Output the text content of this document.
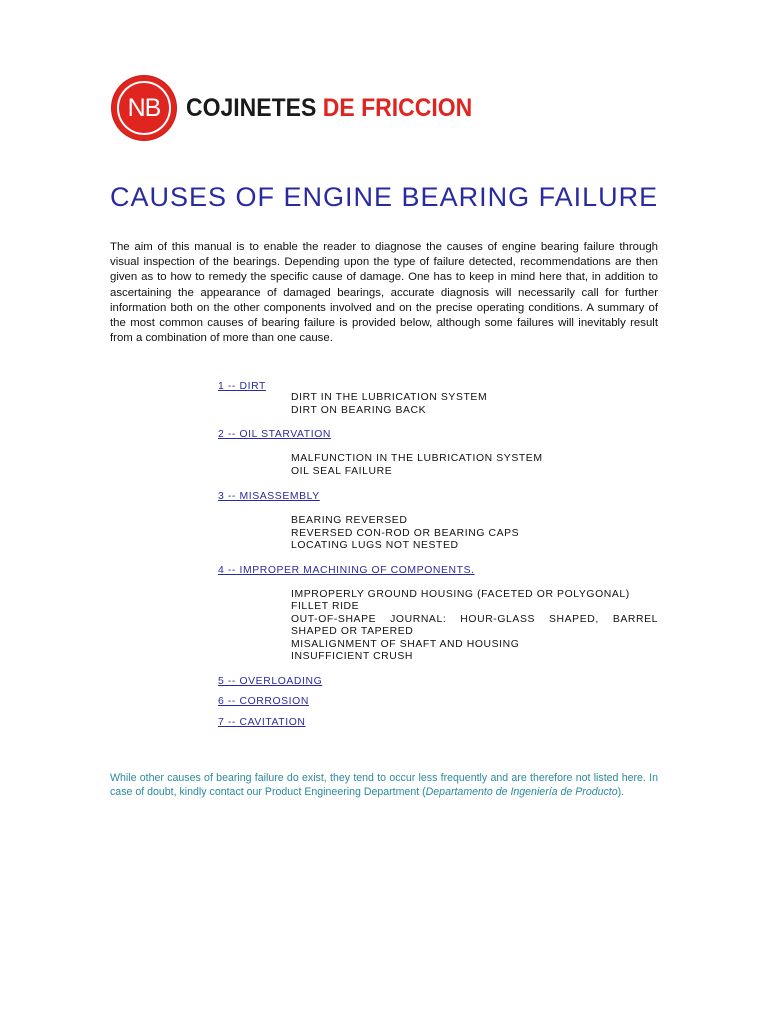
NB	COJINETES DE FRICCION
CAUSES OF ENGINE BEARING FAILURE

The aim of this manual is to enable the reader to diagnose the causes of engine bearing failure through visual inspection of the bearings. Depending upon the type of failure detected, recommendations are then given as to how to remedy the specific cause of damage. One has to keep in mind here that, in addition to ascertaining the appearance of damaged bearings, accurate diagnosis will necessarily call for further information both on the other components involved and on the precise operating conditions. A summary of the most common causes of bearing failure is provided below, although some failures will inevitably result from a combination of more than one cause.

1 -- DIRT
DIRT IN THE LUBRICATION SYSTEM
DIRT ON BEARING BACK
2 -- OIL STARVATION
MALFUNCTION IN THE LUBRICATION SYSTEM
OIL SEAL FAILURE
3 -- MISASSEMBLY
BEARING REVERSED
REVERSED CON-ROD OR BEARING CAPS
LOCATING LUGS NOT NESTED
4 -- IMPROPER MACHINING OF COMPONENTS.
IMPROPERLY GROUND HOUSING (FACETED OR POLYGONAL)
FILLET RIDE
OUT-OF-SHAPE JOURNAL: HOUR-GLASS SHAPED, BARREL SHAPED OR TAPERED
MISALIGNMENT OF SHAFT AND HOUSING
INSUFFICIENT CRUSH
5 -- OVERLOADING
6 -- CORROSION
7 -- CAVITATION

While other causes of bearing failure do exist, they tend to occur less frequently and are therefore not listed here. In case of doubt, kindly contact our Product Engineering Department (Departamento de Ingeniería de Producto).
